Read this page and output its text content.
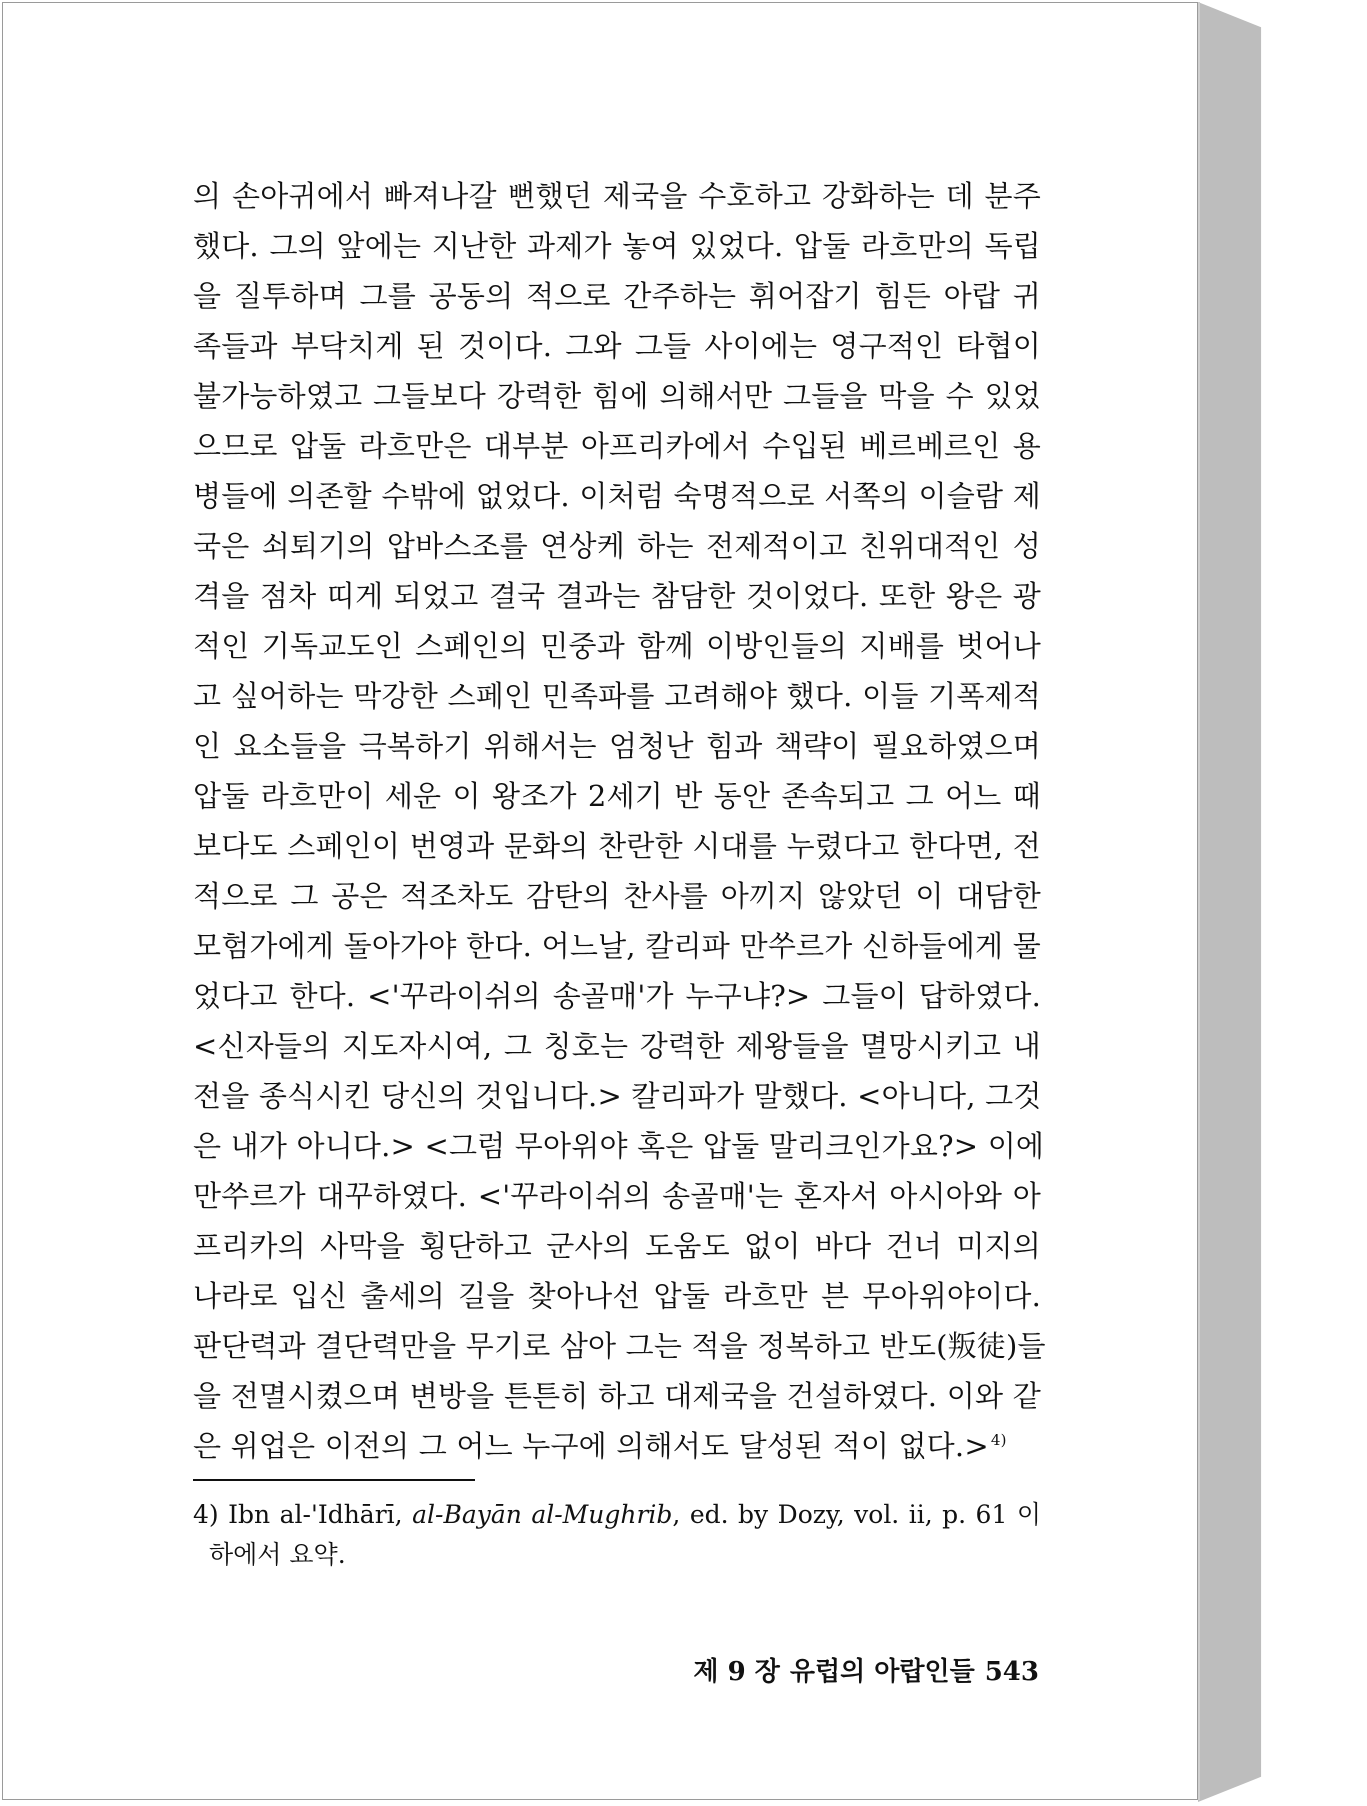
의 손아귀에서 빠져나갈 뻔했던 제국을 수호하고 강화하는 데 분주
했다. 그의 앞에는 지난한 과제가 놓여 있었다. 압둘 라흐만의 독립
을 질투하며 그를 공동의 적으로 간주하는 휘어잡기 힘든 아랍 귀
족들과 부닥치게 된 것이다. 그와 그들 사이에는 영구적인 타협이
불가능하였고 그들보다 강력한 힘에 의해서만 그들을 막을 수 있었
으므로 압둘 라흐만은 대부분 아프리카에서 수입된 베르베르인 용
병들에 의존할 수밖에 없었다. 이처럼 숙명적으로 서쪽의 이슬람 제
국은 쇠퇴기의 압바스조를 연상케 하는 전제적이고 친위대적인 성
격을 점차 띠게 되었고 결국 결과는 참담한 것이었다. 또한 왕은 광
적인 기독교도인 스페인의 민중과 함께 이방인들의 지배를 벗어나
고 싶어하는 막강한 스페인 민족파를 고려해야 했다. 이들 기폭제적
인 요소들을 극복하기 위해서는 엄청난 힘과 책략이 필요하였으며
압둘 라흐만이 세운 이 왕조가 2세기 반 동안 존속되고 그 어느 때
보다도 스페인이 번영과 문화의 찬란한 시대를 누렸다고 한다면, 전
적으로 그 공은 적조차도 감탄의 찬사를 아끼지 않았던 이 대담한
모험가에게 돌아가야 한다. 어느날, 칼리파 만쑤르가 신하들에게 물
었다고 한다. <'꾸라이쉬의 송골매'가 누구냐?> 그들이 답하였다.
<신자들의 지도자시여, 그 칭호는 강력한 제왕들을 멸망시키고 내
전을 종식시킨 당신의 것입니다.> 칼리파가 말했다. <아니다, 그것
은 내가 아니다.> <그럼 무아위야 혹은 압둘 말리크인가요?> 이에
만쑤르가 대꾸하였다. <'꾸라이쉬의 송골매'는 혼자서 아시아와 아
프리카의 사막을 횡단하고 군사의 도움도 없이 바다 건너 미지의
나라로 입신 출세의 길을 찾아나선 압둘 라흐만 븐 무아위야이다.
판단력과 결단력만을 무기로 삼아 그는 적을 정복하고 반도(叛徒)들
을 전멸시켰으며 변방을 튼튼히 하고 대제국을 건설하였다. 이와 같
은 위업은 이전의 그 어느 누구에 의해서도 달성된 적이 없다.> $^{4)}$
4) Ibn al-'Idhārī, al-Bayān al-Mughrib, ed. by Dozy, vol. ii, p. 61 이
하에서 요약.
제 9 장 유럽의 아랍인들 543
